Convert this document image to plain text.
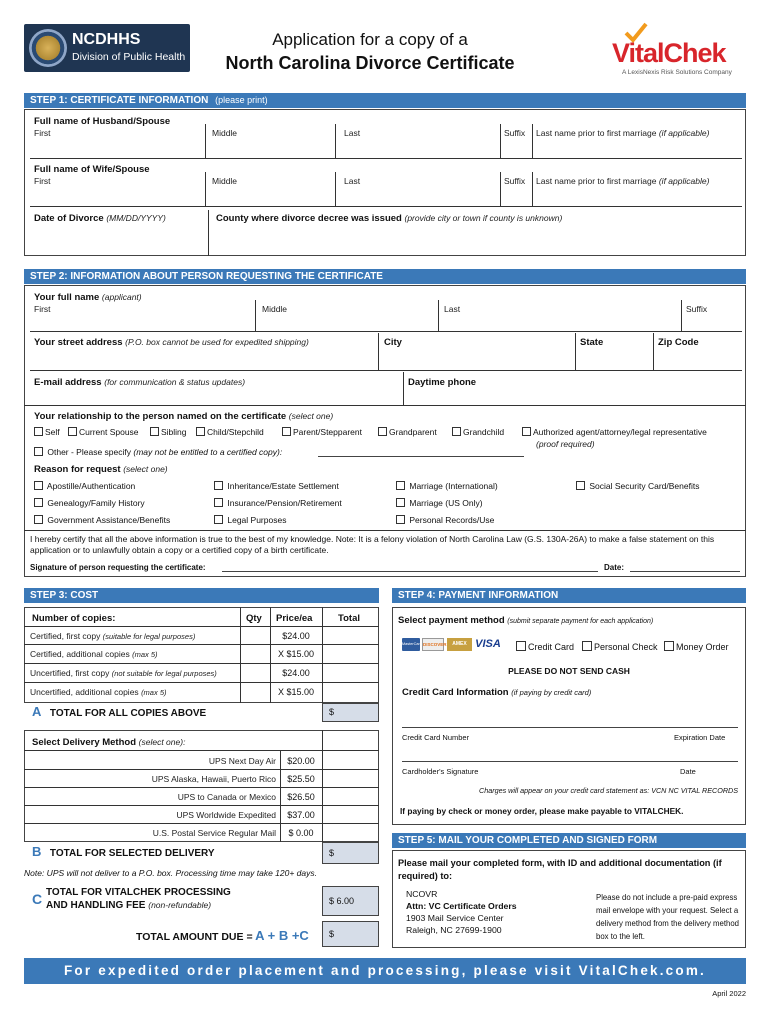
NCDHHS
Division of Public Health
Application for a copy of a
North Carolina Divorce Certificate	VitalChek
A LexisNexis Risk Solutions Company
STEP 1: CERTIFICATE INFORMATION (please print)
Full name of Husband/Spouse
First	Middle	Last	Suffix Last name prior to first marriage (if applicable)
Full name of Wife/Spouse
First	Middle	Last	Suffix Last name prior to first marriage (if applicable)
Date of Divorce (MM/DD/YYYY)	County where divorce decree was issued (provide city or town if county is unknown)
STEP 2: INFORMATION ABOUT PERSON REQUESTING THE CERTIFICATE
Your full name (applicant)
First	Middle	Last	Suffix
Your street address (P.O. box cannot be used for expedited shipping)	City	State	Zip Code
E-mail address (for communication & status updates)	Daytime phone
Your relationship to the person named on the certificate (select one)
Self	Current Spouse	Sibling	Child/Stepchild	Parent/Stepparent	Grandparent	Grandchild	Authorized agent/attorney/legal representative
(proof required)
Other - Please specify (may not be entitled to a certified copy):
Reason for request (select one)
Apostille/Authentication	Inheritance/Estate Settlement	Marriage (International)	Social Security Card/Benefits
Genealogy/Family History	Insurance/Pension/Retirement	Marriage (US Only)
Government Assistance/Benefits	Legal Purposes	Personal Records/Use
I hereby certify that all the above information is true to the best of my knowledge. Note: It is a felony violation of North Carolina Law (G.S. 130A-26A) to make a false statement on this application or to unlawfully obtain a copy or a certified copy of a birth certificate.
Signature of person requesting the certificate:	Date:
STEP 3: COST
Number of copies:	Qty Price/ea	Total
Certified, first copy (suitable for legal purposes)	$24.00
Certified, additional copies (max 5)	X $15.00
Uncertified, first copy (not suitable for legal purposes)	$24.00
Uncertified, additional copies (max 5)	X $15.00
A TOTAL FOR ALL COPIES ABOVE	$
Select Delivery Method (select one):
UPS Next Day Air	$20.00
UPS Alaska, Hawaii, Puerto Rico	$25.50
UPS to Canada or Mexico	$26.50
UPS Worldwide Expedited	$37.00
U.S. Postal Service Regular Mail	$ 0.00
B TOTAL FOR SELECTED DELIVERY	$
Note: UPS will not deliver to a P.O. box. Processing time may take 120+ days.
C TOTAL FOR VITALCHEK PROCESSING
AND HANDLING FEE (non-refundable)	$ 6.00
TOTAL AMOUNT DUE = A + B +C	$
STEP 4: PAYMENT INFORMATION
Select payment method (submit separate payment for each application)
MasterCard DISCOVER	AMEX VISA	Credit Card	Personal Check	Money Order
PLEASE DO NOT SEND CASH
Credit Card Information (if paying by credit card)
Credit Card Number	Expiration Date
Cardholder's Signature	Date
Charges will appear on your credit card statement as: VCN NC VITAL RECORDS
If paying by check or money order, please make payable to VITALCHEK.
STEP 5: MAIL YOUR COMPLETED AND SIGNED FORM
Please mail your completed form, with ID and additional documentation (if required) to:
NCOVR
Attn: VC Certificate Orders
1903 Mail Service Center
Raleigh, NC 27699-1900
Please do not include a pre-paid express mail envelope with your request. Select a delivery method from the delivery method box to the left.
For expedited order placement and processing, please visit VitalChek.com.
April 2022
